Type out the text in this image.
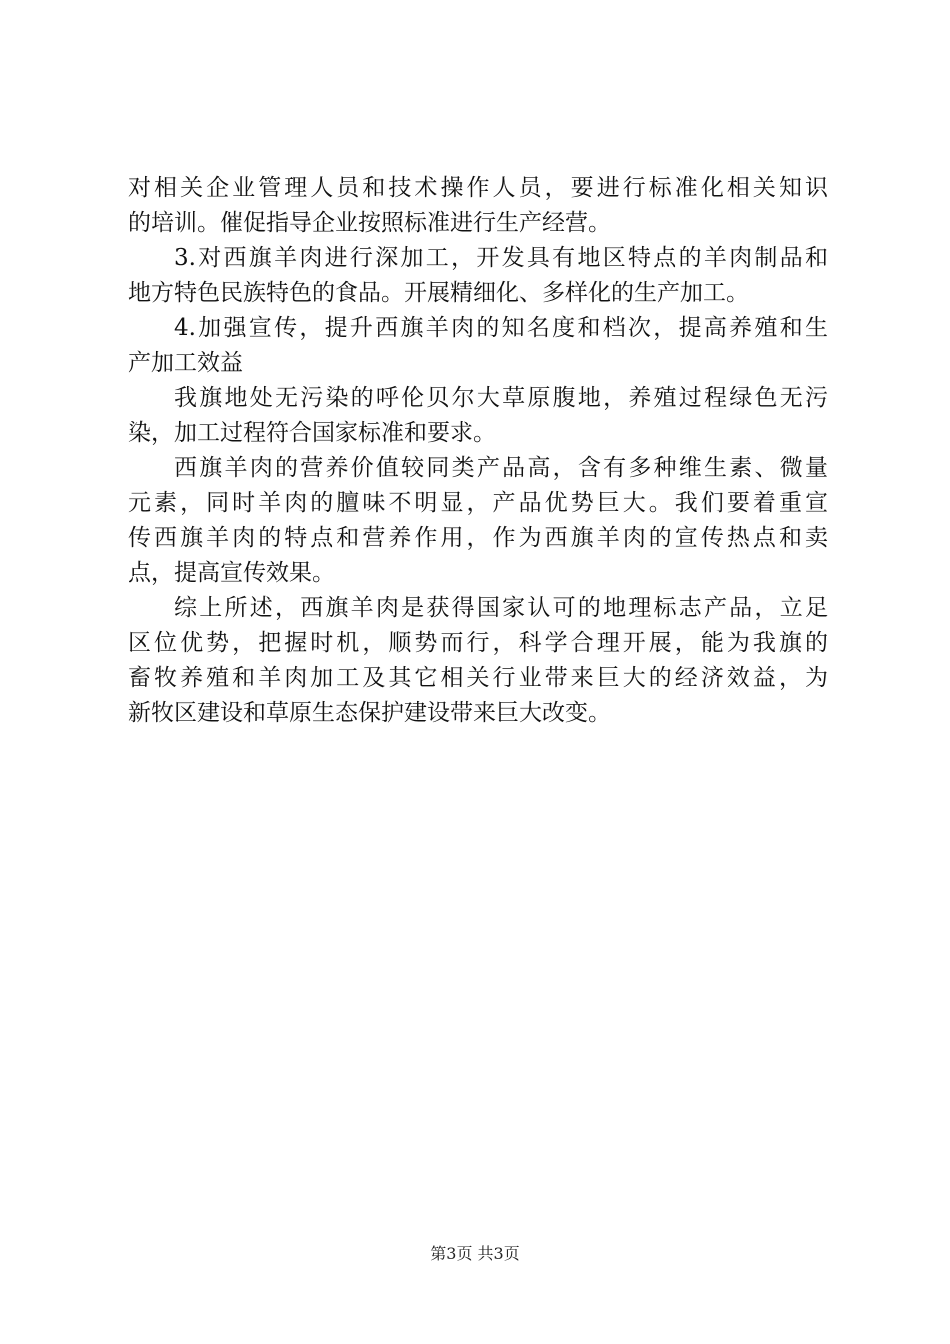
对相关企业管理人员和技术操作人员，要进行标准化相关知识
的培训。催促指导企业按照标准进行生产经营。
3.对西旗羊肉进行深加工，开发具有地区特点的羊肉制品和
地方特色民族特色的食品。开展精细化、多样化的生产加工。
4.加强宣传，提升西旗羊肉的知名度和档次，提高养殖和生
产加工效益
我旗地处无污染的呼伦贝尔大草原腹地，养殖过程绿色无污
染，加工过程符合国家标准和要求。
西旗羊肉的营养价值较同类产品高，含有多种维生素、微量
元素，同时羊肉的膻味不明显，产品优势巨大。我们要着重宣
传西旗羊肉的特点和营养作用，作为西旗羊肉的宣传热点和卖
点，提高宣传效果。
综上所述，西旗羊肉是获得国家认可的地理标志产品，立足
区位优势，把握时机，顺势而行，科学合理开展，能为我旗的
畜牧养殖和羊肉加工及其它相关行业带来巨大的经济效益，为
新牧区建设和草原生态保护建设带来巨大改变。
第3页 共3页
